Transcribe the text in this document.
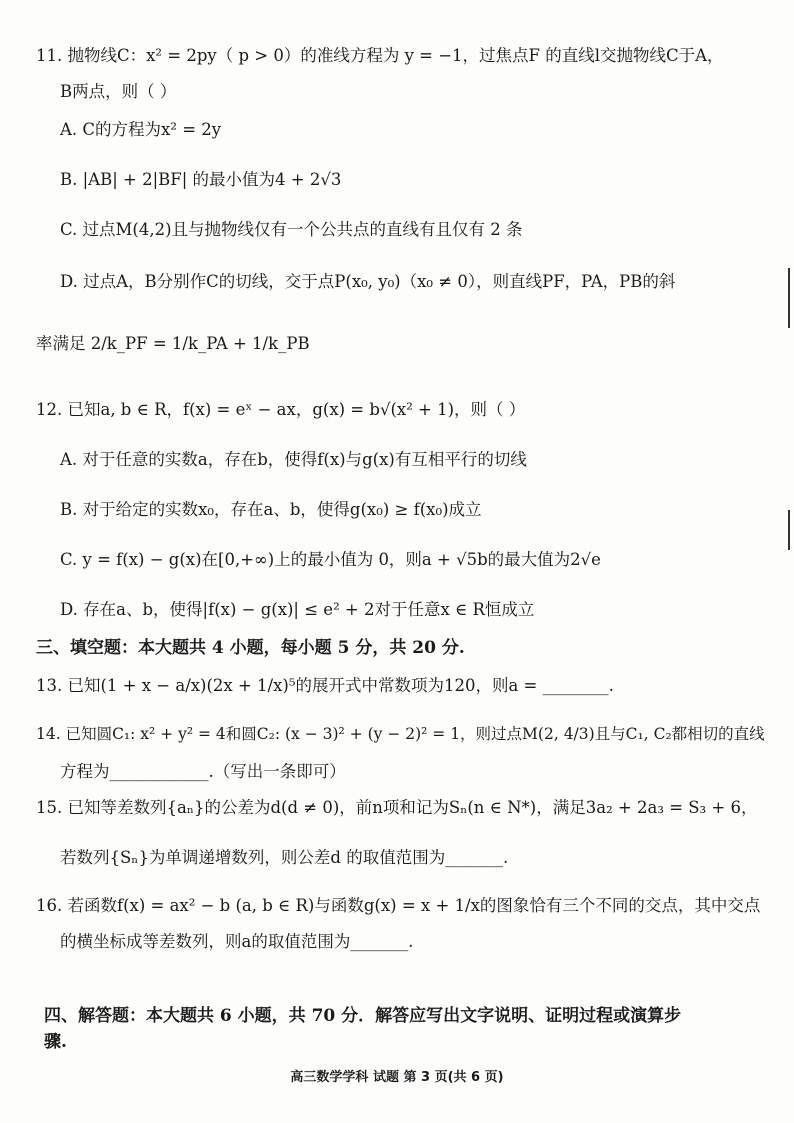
11. 抛物线C：x² = 2py（ p > 0）的准线方程为 y = −1，过焦点F 的直线l交抛物线C于A，
B两点，则（ ）
A. C的方程为x² = 2y
B. |AB| + 2|BF| 的最小值为4 + 2√3
C. 过点M(4,2)且与抛物线仅有一个公共点的直线有且仅有 2 条
D. 过点A，B分别作C的切线，交于点P(x₀, y₀)（x₀ ≠ 0），则直线PF，PA，PB的斜
率满足 2/k_PF = 1/k_PA + 1/k_PB
12. 已知a, b ∈ R，f(x) = eˣ − ax，g(x) = b√(x² + 1)，则（ ）
A. 对于任意的实数a，存在b，使得f(x)与g(x)有互相平行的切线
B. 对于给定的实数x₀，存在a、b，使得g(x₀) ≥ f(x₀)成立
C. y = f(x) − g(x)在[0,+∞)上的最小值为 0，则a + √5b的最大值为2√e
D. 存在a、b，使得|f(x) − g(x)| ≤ e² + 2对于任意x ∈ R恒成立
三、填空题：本大题共 4 小题，每小题 5 分，共 20 分.
13. 已知(1 + x − a/x)(2x + 1/x)⁵的展开式中常数项为120，则a = ________.
14. 已知圆C₁: x² + y² = 4和圆C₂: (x − 3)² + (y − 2)² = 1，则过点M(2, 4/3)且与C₁, C₂都相切的直线
方程为____________.（写出一条即可）
15. 已知等差数列{aₙ}的公差为d(d ≠ 0)，前n项和记为Sₙ(n ∈ N*)，满足3a₂ + 2a₃ = S₃ + 6，
若数列{Sₙ}为单调递增数列，则公差d 的取值范围为_______.
16. 若函数f(x) = ax² − b (a, b ∈ R)与函数g(x) = x + 1/x的图象恰有三个不同的交点，其中交点
的横坐标成等差数列，则a的取值范围为_______.
四、解答题：本大题共 6 小题，共 70 分．解答应写出文字说明、证明过程或演算步
骤.
高三数学学科 试题 第 3 页(共 6 页)
